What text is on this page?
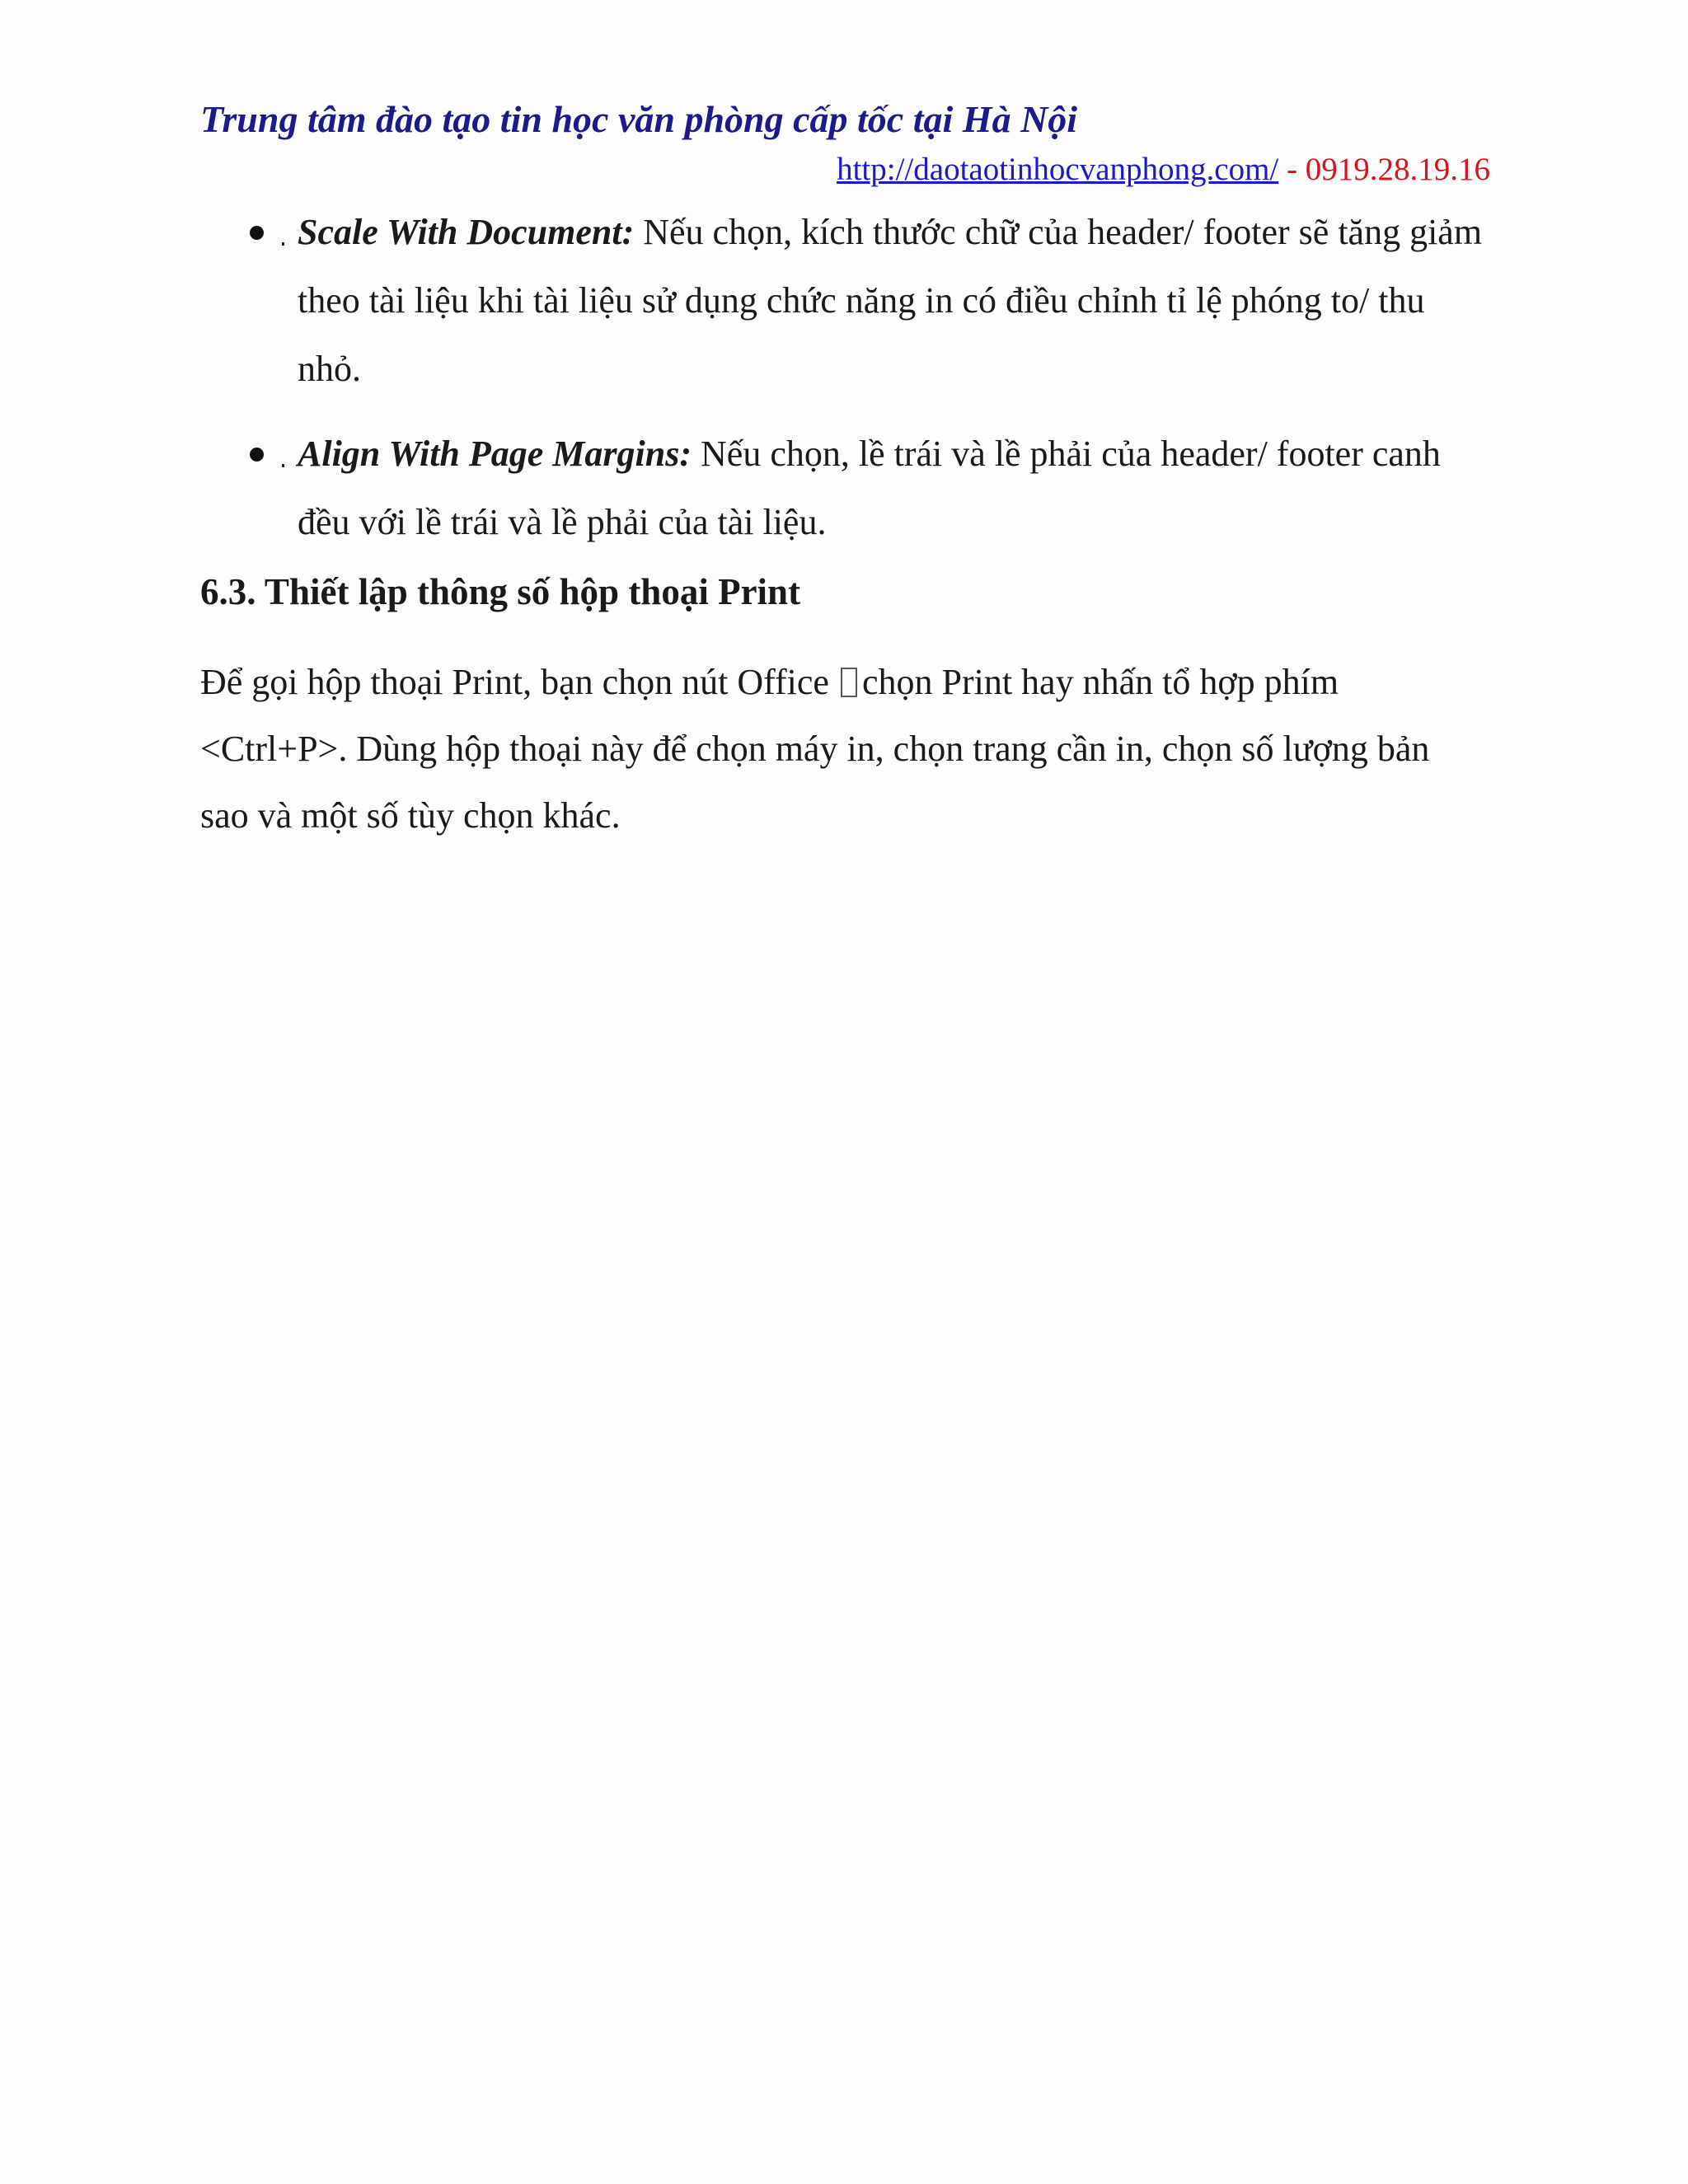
Trung tâm đào tạo tin học văn phòng cấp tốc tại Hà Nội
http://daotaotinhocvanphong.com/ - 0919.28.19.16
Scale With Document: Nếu chọn, kích thước chữ của header/ footer sẽ tăng giảm theo tài liệu khi tài liệu sử dụng chức năng in có điều chỉnh tỉ lệ phóng to/ thu nhỏ.
Align With Page Margins: Nếu chọn, lề trái và lề phải của header/ footer canh đều với lề trái và lề phải của tài liệu.
6.3. Thiết lập thông số hộp thoại Print

Để gọi hộp thoại Print, bạn chọn nút Office chọn Print hay nhấn tổ hợp phím <Ctrl+P>. Dùng hộp thoại này để chọn máy in, chọn trang cần in, chọn số lượng bản sao và một số tùy chọn khác.
